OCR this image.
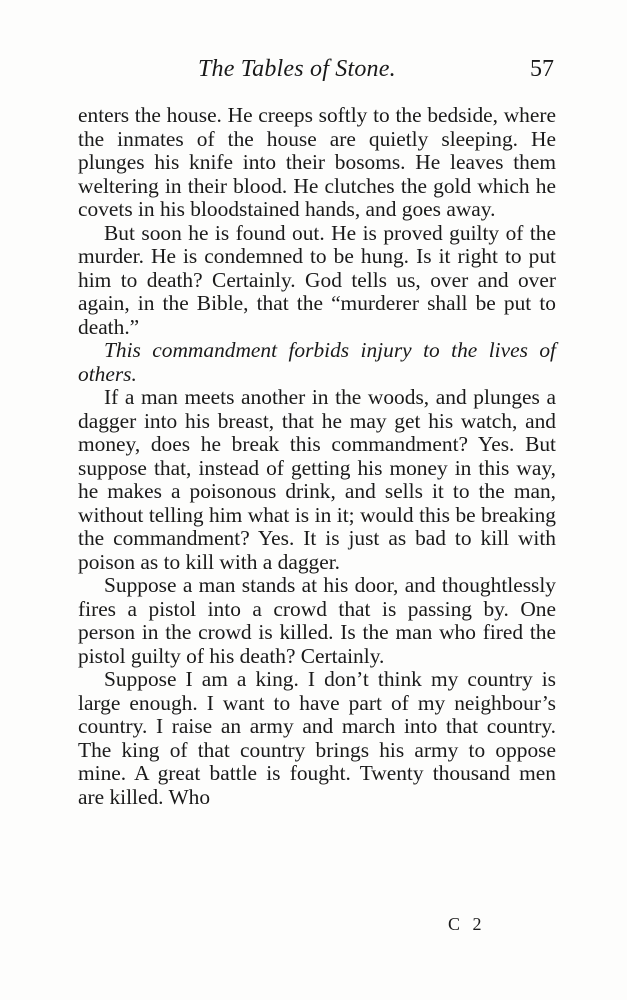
The Tables of Stone.	57

enters the house. He creeps softly to the bedside, where the inmates of the house are quietly sleeping. He plunges his knife into their bosoms. He leaves them weltering in their blood. He clutches the gold which he covets in his bloodstained hands, and goes away.

But soon he is found out. He is proved guilty of the murder. He is condemned to be hung. Is it right to put him to death? Certainly. God tells us, over and over again, in the Bible, that the “murderer shall be put to death.”

This commandment forbids injury to the lives of others.

If a man meets another in the woods, and plunges a dagger into his breast, that he may get his watch, and money, does he break this commandment? Yes. But suppose that, instead of getting his money in this way, he makes a poisonous drink, and sells it to the man, without telling him what is in it; would this be breaking the commandment? Yes. It is just as bad to kill with poison as to kill with a dagger.

Suppose a man stands at his door, and thoughtlessly fires a pistol into a crowd that is passing by. One person in the crowd is killed. Is the man who fired the pistol guilty of his death? Certainly.

Suppose I am a king. I don’t think my country is large enough. I want to have part of my neighbour’s country. I raise an army and march into that country. The king of that country brings his army to oppose mine. A great battle is fought. Twenty thousand men are killed. Who

C 2
